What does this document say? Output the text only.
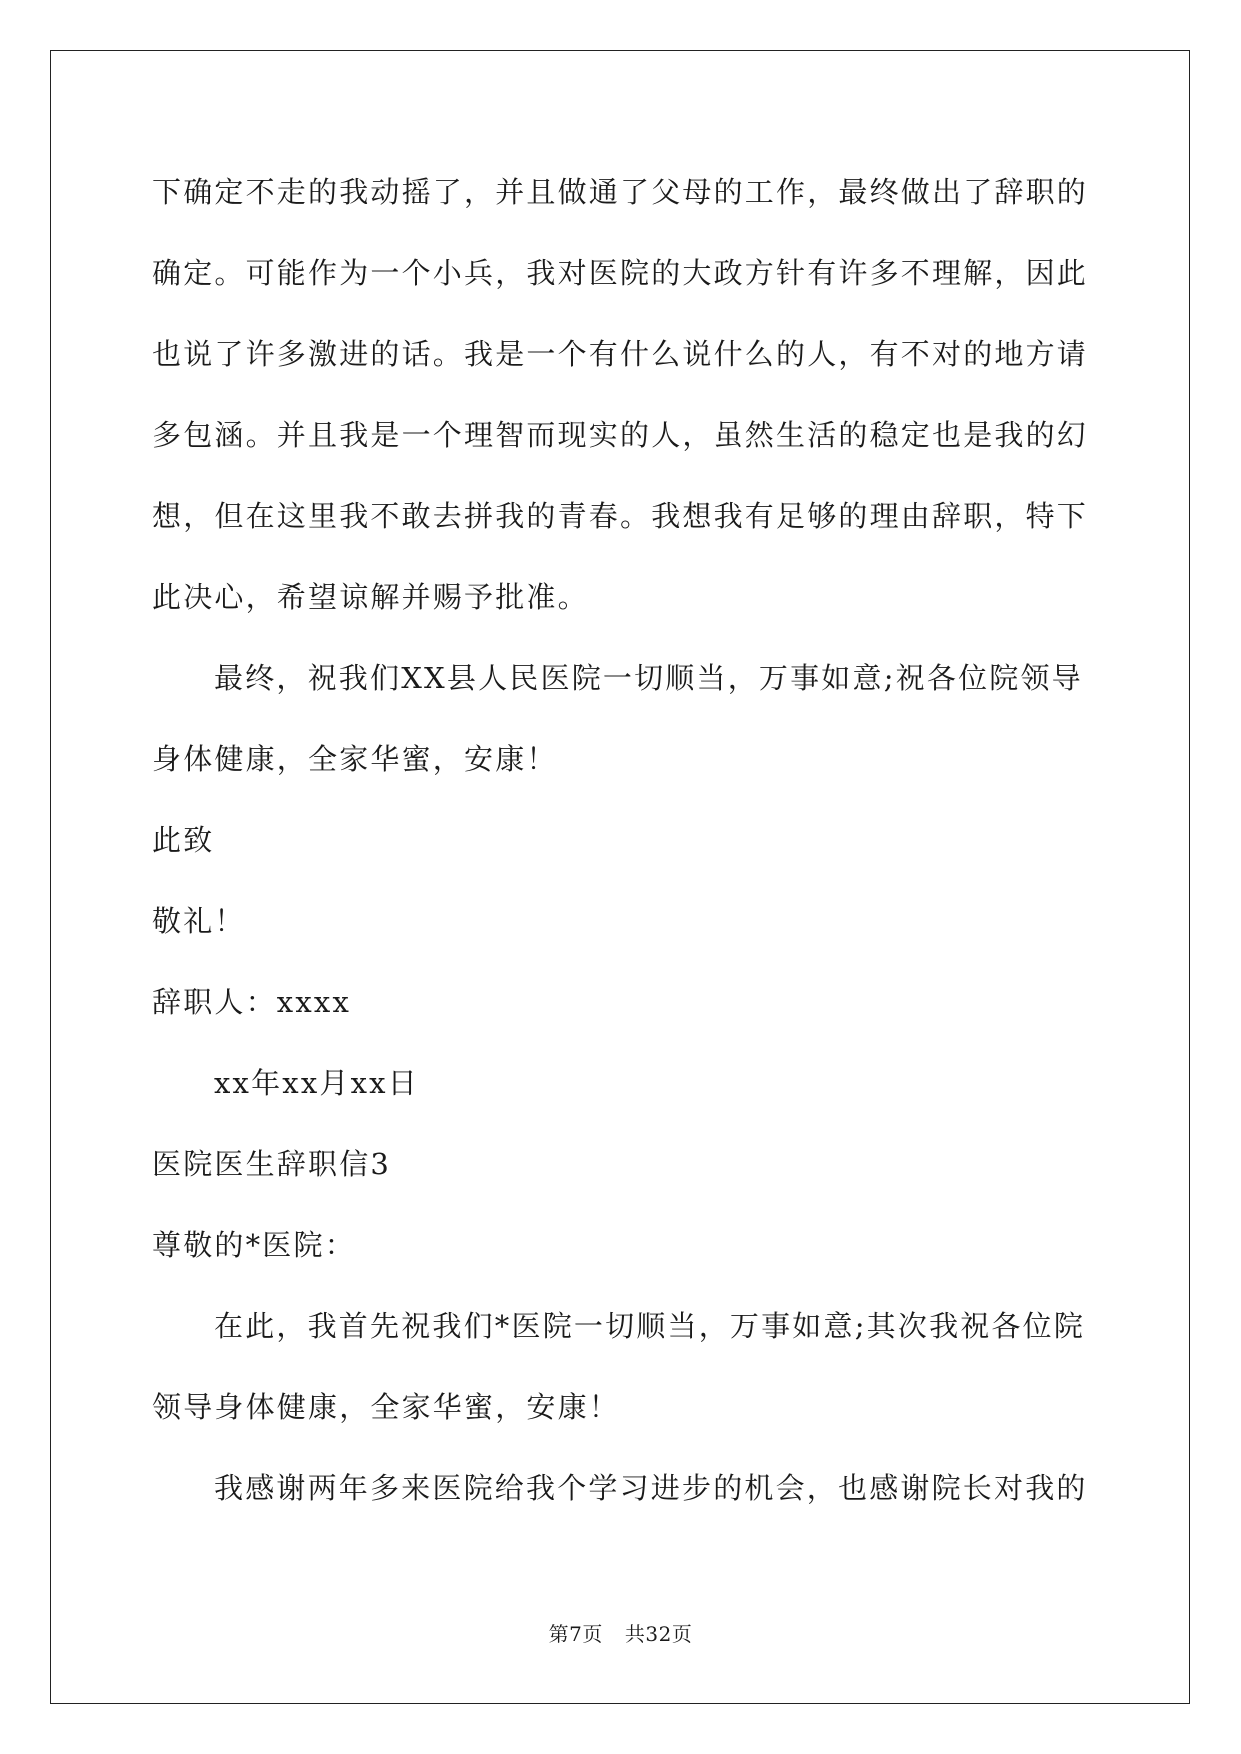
下确定不走的我动摇了，并且做通了父母的工作，最终做出了辞职的
确定。可能作为一个小兵，我对医院的大政方针有许多不理解，因此
也说了许多激进的话。我是一个有什么说什么的人，有不对的地方请
多包涵。并且我是一个理智而现实的人，虽然生活的稳定也是我的幻
想，但在这里我不敢去拼我的青春。我想我有足够的理由辞职，特下
此决心，希望谅解并赐予批准。
最终，祝我们XX县人民医院一切顺当，万事如意;祝各位院领导
身体健康，全家华蜜，安康！
此致
敬礼！
辞职人：xxxx
xx年xx月xx日
医院医生辞职信3
尊敬的*医院：
在此，我首先祝我们*医院一切顺当，万事如意;其次我祝各位院
领导身体健康，全家华蜜，安康！
我感谢两年多来医院给我个学习进步的机会，也感谢院长对我的
第7页 共32页
